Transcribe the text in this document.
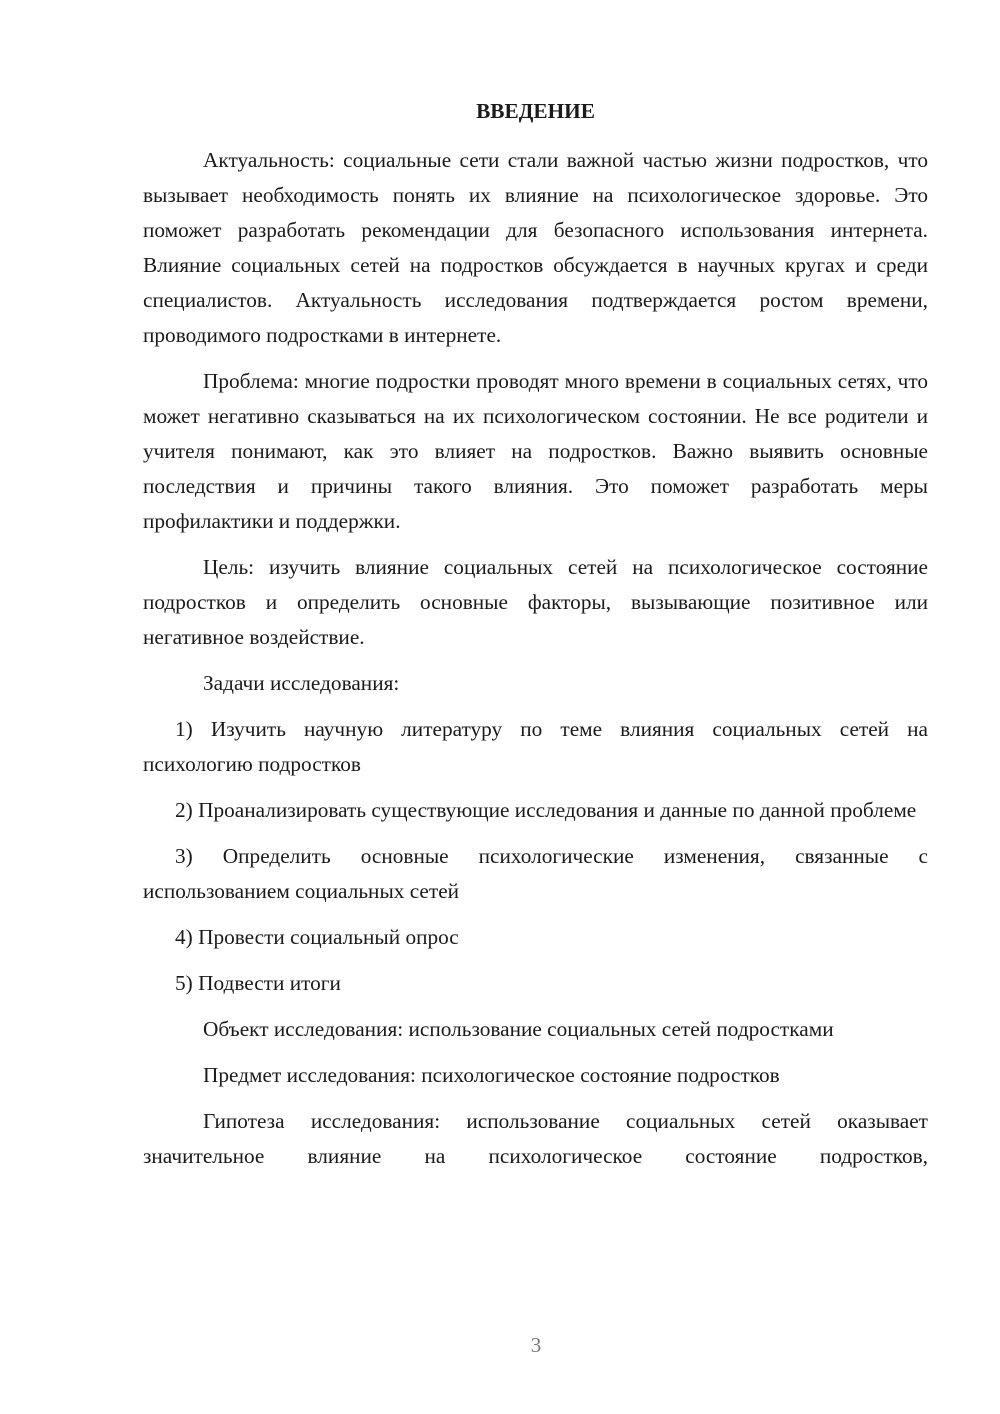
ВВЕДЕНИЕ

Актуальность: социальные сети стали важной частью жизни подростков, что вызывает необходимость понять их влияние на психологическое здоровье. Это поможет разработать рекомендации для безопасного использования интернета. Влияние социальных сетей на подростков обсуждается в научных кругах и среди специалистов. Актуальность исследования подтверждается ростом времени, проводимого подростками в интернете.

Проблема: многие подростки проводят много времени в социальных сетях, что может негативно сказываться на их психологическом состоянии. Не все родители и учителя понимают, как это влияет на подростков. Важно выявить основные последствия и причины такого влияния. Это поможет разработать меры профилактики и поддержки.

Цель: изучить влияние социальных сетей на психологическое состояние подростков и определить основные факторы, вызывающие позитивное или негативное воздействие.

Задачи исследования:

1) Изучить научную литературу по теме влияния социальных сетей на психологию подростков

2) Проанализировать существующие исследования и данные по данной проблеме

3) Определить основные психологические изменения, связанные с использованием социальных сетей

4) Провести социальный опрос

5) Подвести итоги

Объект исследования: использование социальных сетей подростками

Предмет исследования: психологическое состояние подростков

Гипотеза исследования: использование социальных сетей оказывает

значительное влияние на психологическое состояние подростков,

3
